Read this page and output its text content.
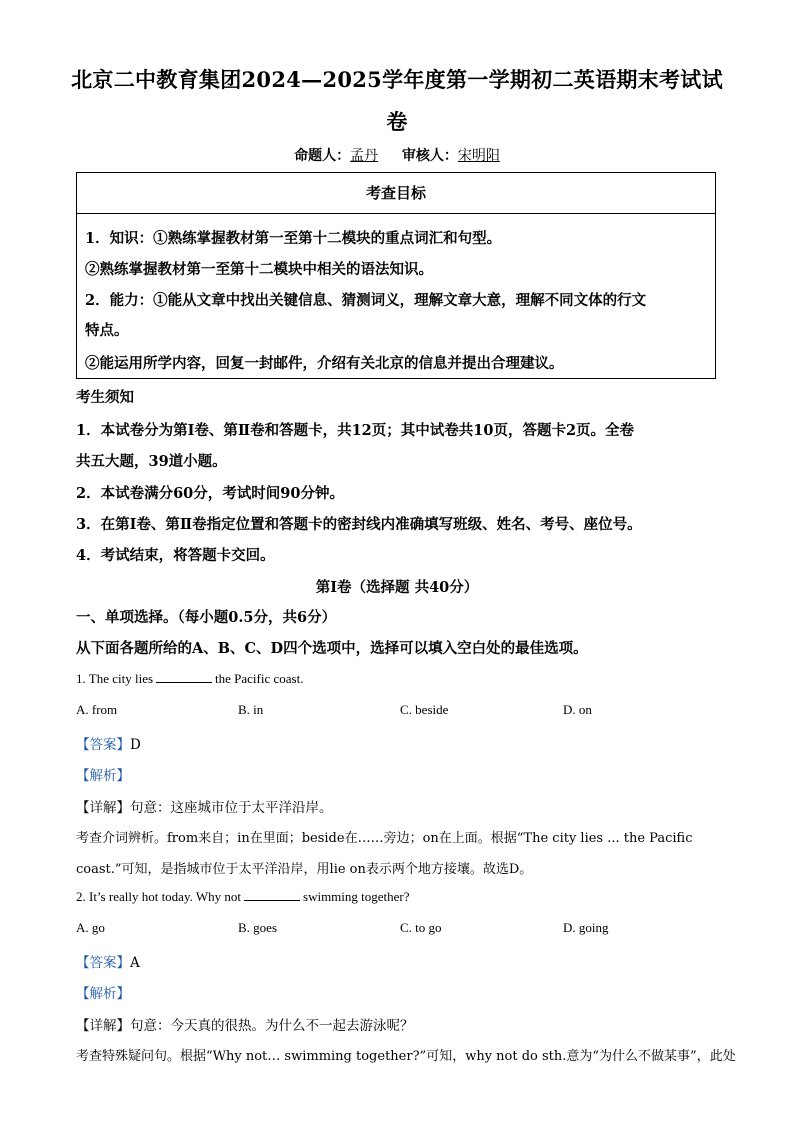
北京二中教育集团2024—2025学年度第一学期初二英语期末考试试
卷
命题人：孟丹 审核人：宋明阳
考查目标
1．知识：①熟练掌握教材第一至第十二模块的重点词汇和句型。
②熟练掌握教材第一至第十二模块中相关的语法知识。
2．能力：①能从文章中找出关键信息、猜测词义，理解文章大意，理解不同文体的行文
特点。
②能运用所学内容，回复一封邮件，介绍有关北京的信息并提出合理建议。
考生须知
1．本试卷分为第Ⅰ卷、第Ⅱ卷和答题卡，共12页；其中试卷共10页，答题卡2页。全卷
共五大题，39道小题。
2．本试卷满分60分，考试时间90分钟。
3．在第Ⅰ卷、第Ⅱ卷指定位置和答题卡的密封线内准确填写班级、姓名、考号、座位号。
4．考试结束，将答题卡交回。
第Ⅰ卷（选择题 共40分）
一、单项选择。（每小题0.5分，共6分）
从下面各题所给的A、B、C、D四个选项中，选择可以填入空白处的最佳选项。
1. The city lies	the Pacific coast.
A. from	B. in	C. beside	D. on
【答案】D
【解析】
【详解】句意：这座城市位于太平洋沿岸。
考查介词辨析。from来自；in在里面；beside在……旁边；on在上面。根据“The city lies ... the Pacific
coast.”可知，是指城市位于太平洋沿岸，用lie on表示两个地方接壤。故选D。
2. It’s really hot today. Why not	swimming together?
A. go	B. goes	C. to go	D. going
【答案】A
【解析】
【详解】句意：今天真的很热。为什么不一起去游泳呢？
考查特殊疑问句。根据“Why not… swimming together?”可知，why not do sth.意为“为什么不做某事”，此处
